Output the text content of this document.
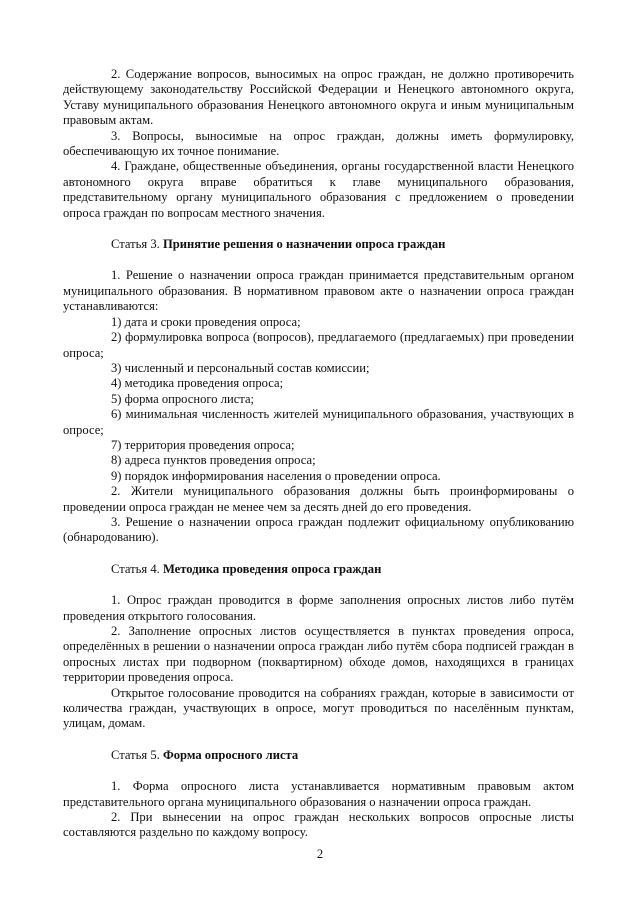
2. Содержание вопросов, выносимых на опрос граждан, не должно противоречить действующему законодательству Российской Федерации и Ненецкого автономного округа, Уставу муниципального образования Ненецкого автономного округа и иным муниципальным правовым актам.

3. Вопросы, выносимые на опрос граждан, должны иметь формулировку, обеспечивающую их точное понимание.

4. Граждане, общественные объединения, органы государственной власти Ненецкого автономного округа вправе обратиться к главе муниципального образования, представительному органу муниципального образования с предложением о проведении опроса граждан по вопросам местного значения.

Статья 3. Принятие решения о назначении опроса граждан

1. Решение о назначении опроса граждан принимается представительным органом муниципального образования. В нормативном правовом акте о назначении опроса граждан устанавливаются:

1) дата и сроки проведения опроса;

2) формулировка вопроса (вопросов), предлагаемого (предлагаемых) при проведении опроса;

3) численный и персональный состав комиссии;

4) методика проведения опроса;

5) форма опросного листа;

6) минимальная численность жителей муниципального образования, участвующих в опросе;

7) территория проведения опроса;

8) адреса пунктов проведения опроса;

9) порядок информирования населения о проведении опроса.

2. Жители муниципального образования должны быть проинформированы о проведении опроса граждан не менее чем за десять дней до его проведения.

3. Решение о назначении опроса граждан подлежит официальному опубликованию (обнародованию).

Статья 4. Методика проведения опроса граждан

1. Опрос граждан проводится в форме заполнения опросных листов либо путём проведения открытого голосования.

2. Заполнение опросных листов осуществляется в пунктах проведения опроса, определённых в решении о назначении опроса граждан либо путём сбора подписей граждан в опросных листах при подворном (поквартирном) обходе домов, находящихся в границах территории проведения опроса.

Открытое голосование проводится на собраниях граждан, которые в зависимости от количества граждан, участвующих в опросе, могут проводиться по населённым пунктам, улицам, домам.

Статья 5. Форма опросного листа

1. Форма опросного листа устанавливается нормативным правовым актом представительного органа муниципального образования о назначении опроса граждан.

2. При вынесении на опрос граждан нескольких вопросов опросные листы составляются раздельно по каждому вопросу.

2
